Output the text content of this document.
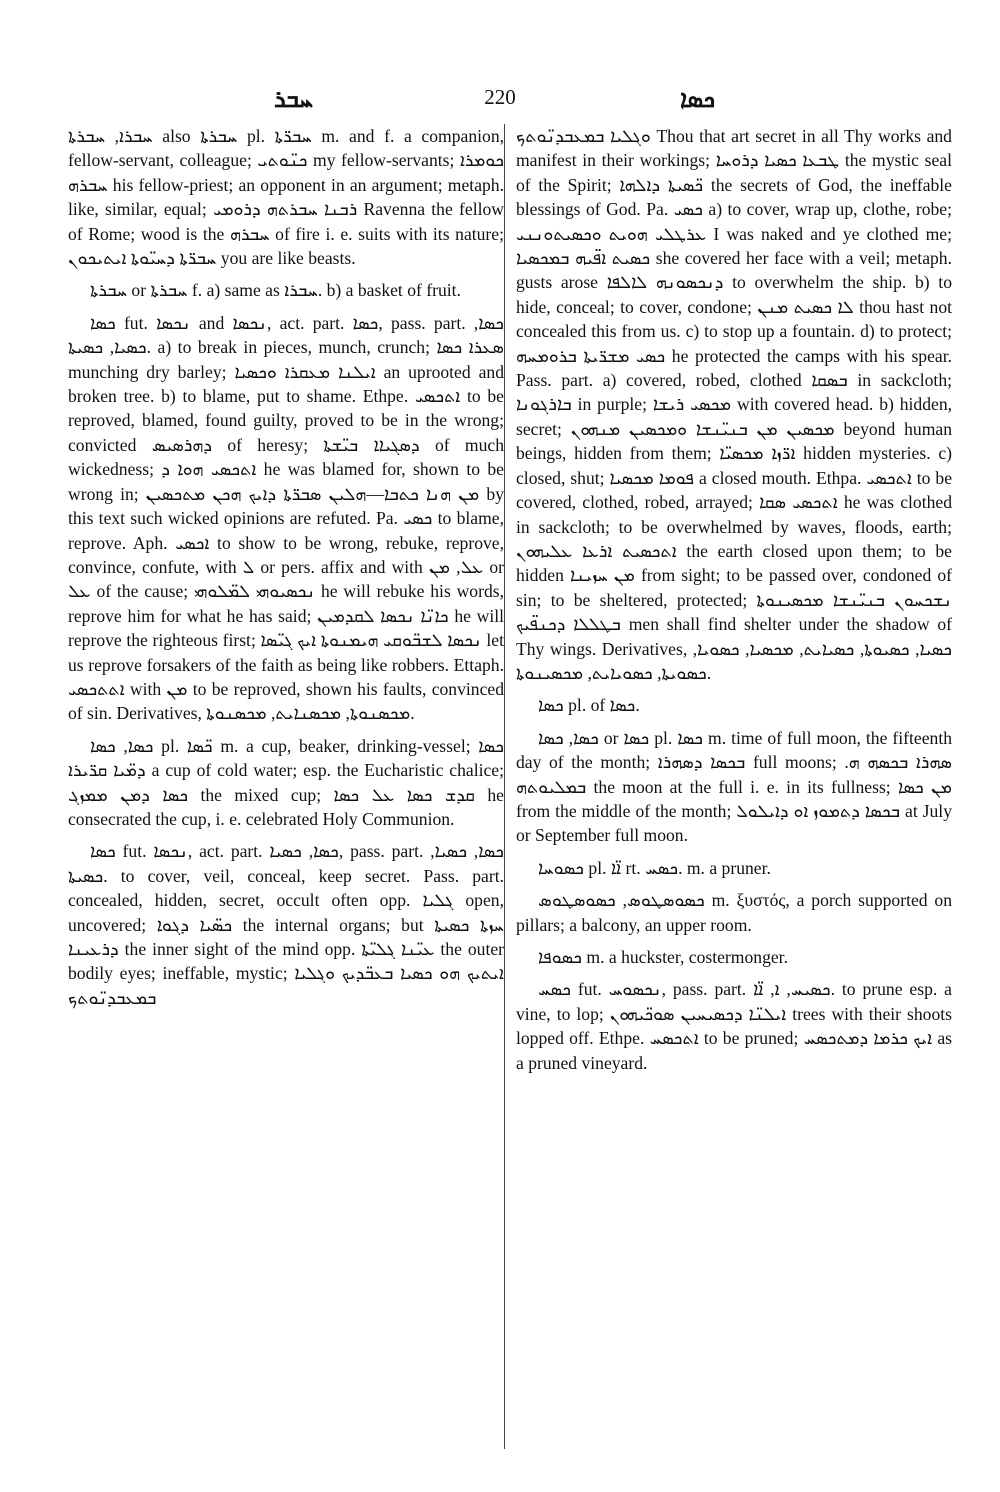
ܚܒܪ	220	ܟܣܐ

ܚܒܪܐ, ܚܒܪܬܐ also ܚܒܪܬܐ pl. ܚܒܪ̈ܬܐ m. and f. a companion, fellow-servant, colleague; ܟܢ̈ܘܬܝ my fellow-servants; ܟܘܡܪܐ ܚܒܪܗ his fellow-priest; an opponent in an argument; metaph. like, similar, equal; ܪܒܢܐ ܚܒܪܬܗ ܕܪܘܡܝ Ravenna the fellow of Rome; wood is the ܚܒܪܗ of fire i. e. suits with its nature; ܚܒܪ̈ܬܐ ܕܚܝ̈ܘܬܐ ܐܝܬܝܟܘܢ you are like beasts.

ܚܒܪܬܐ or ܚܒܪܬܐ f. a) same as ܚܒܪܐ. b) a basket of fruit.

ܟܣܐ fut. ܢܟܣܐ and ܢܟܣܐ, act. part. ܟܣܐ, pass. part. ܟܣܐ, ܟܣܝܐ, ܟܣܝܬܐ. a) to break in pieces, munch, crunch; ܣܥܪܐ ܟܣܐ munching dry barley; ܐܝܠܢܐ ܡܥܩܪܐ ܘܟܣܝܐ an uprooted and broken tree. b) to blame, put to shame. Ethpe. ܐܬܟܣܝ to be reproved, blamed, found guilty, proved to be in the wrong; convicted ܕܗܪܣܝܣ of heresy; ܕܣܓܝܐܐ ܒܝ̈ܫܬܐ of much wickedness; ܐܬܟܣܝ ܗܘܐ ܕ he was blamed for, shown to be wrong in; ܡܢ ܗܢܐ ܟܬܒܐ—ܗܠܝܢ ܣܒܪ̈ܬܐ ܕܐܝܟ ܗܟܢ ܡܬܟܣܝܢ by this text such wicked opinions are refuted. Pa. ܟܣܝ to blame, reprove. Aph. ܐܟܣܝ to show to be wrong, rebuke, reprove, convince, confute, with ܠ or pers. affix and with ܥܠ, ܡܢ or ܥܠ of the cause; ܢܟܣܝܘܗܝ ܠܡ̈ܠܘܗܝ he will rebuke his words, reprove him for what he has said; ܟܐܢ̈ܐ ܢܟܣܐ ܠܩܕܡܝܢ he will reprove the righteous first; ܢܟܣܐ ܠܫܒ̈ܘܩܝ ܗܝܡܢܘܬܐ ܐܝܟ ܓܝ̈ܣܐ let us reprove forsakers of the faith as being like robbers. Ettaph. ܐܬܬܟܣܝ with ܡܢ to be reproved, shown his faults, convinced of sin. Derivatives, ܡܟܣܢܘܬܐ, ܡܟܣܢܐܝܬ, ܡܟܣܢܘܬܐ.

ܟܣܐ, ܟܣܐ pl. ܟ̈ܣܐ m. a cup, beaker, drinking-vessel; ܟܣܐ ܕܡ̈ܝܐ ܩܪ̈ܝܪܐ a cup of cold water; esp. the Eucharistic chalice; ܟܣܐ ܕܡܢ ܡܡܙܓ the mixed cup; ܩܕܫ ܟܣܐ ܥܠ ܟܣܐ he consecrated the cup, i. e. celebrated Holy Communion.

ܟܣܐ fut. ܢܟܣܐ, act. part. ܟܣܐ, ܟܣܝܐ, pass. part. ܟܣܐ, ܟܣܝܐ, ܟܣܝܬܐ. to cover, veil, conceal, keep secret. Pass. part. concealed, hidden, secret, occult often opp. ܓܠܝܐ open, uncovered; ܟܣ̈ܝܐ ܕܓܘܐ the internal organs; but ܚܙܬܐ ܟܣܝܬܐ ܕܪܥܝܢܐ the inner sight of the mind opp. ܥܝ̈ܢܐ ܓܠܝ̈ܬܐ the outer bodily eyes; ineffable, mystic; ܐܝܬܝܟ ܗܘ ܟܣܝܐ ܒܥܒ̈ܕܝܟ ܘܓܠܝܐ ܒܡܥܒܕܢ̈ܘܬܟ

ܘܓܠܝܐ ܒܡܥܒܕܢ̈ܘܬܟ Thou that art secret in all Thy works and manifest in their workings; ܛܒܥܐ ܟܣܝܐ ܕܪܘܚܐ the mystic seal of the Spirit; ܟ̈ܣܝܬܐ ܕܐܠܗܐ the secrets of God, the ineffable blessings of God. Pa. ܟܣܝ a) to cover, wrap up, clothe, robe; ܥܪܛܠܝ ܗܘܝܬ ܘܟܣܝܬܘܢܢܝ I was naked and ye clothed me; ܟܣܝܬ ܐܦ̈ܝܗ ܒܡܟܣܝܐ she covered her face with a veil; metaph. gusts arose ܕܢܟܣܘܢܗ ܠܐܠܦܐ to overwhelm the ship. b) to hide, conceal; to cover, condone; ܠܐ ܟܣܝܬ ܡܢܢ thou hast not concealed this from us. c) to stop up a fountain. d) to protect; ܟܣܝ ܡܫܪ̈ܝܬܐ ܒܪܘܡܚܗ he protected the camps with his spear. Pass. part. a) covered, robed, clothed ܒܣܩܐ in sackcloth; ܒܐܪܓܘܢܐ in purple; ܡܟܣܝ ܪܝܫܐ with covered head. b) hidden, secret; ܡܟܣܝܢ ܡܢ ܒܢܝ̈ܢܫܐ ܘܡܟܣܝܢ ܡܢܗܘܢ beyond human beings, hidden from them; ܐܪ̈ܙܐ ܡܟܣܝ̈ܐ hidden mysteries. c) closed, shut; ܦܘܡܐ ܡܟܣܝܐ a closed mouth. Ethpa. ܐܬܟܣܝ to be covered, clothed, robed, arrayed; ܐܬܟܣܝ ܣܩܐ he was clothed in sackcloth; to be overwhelmed by waves, floods, earth; ܐܬܟܣܝܬ ܐܪܥܐ ܥܠܝܗܘܢ the earth closed upon them; to be hidden ܡܢ ܚܙܝܢܐ from sight; to be passed over, condoned of sin; to be sheltered, protected; ܢܫܟܚܘܢ ܒܢܝ̈ܢܫܐ ܡܟܣܝܢܘܬܐ ܒܛܠܠܐ ܕܟܢܦ̈ܝܟ men shall find shelter under the shadow of Thy wings. Derivatives, ܟܣܝܐ, ܟܣܝܘܬܐ, ܟܣܝܐܝܬ, ܡܟܣܝܐ, ܟܣܘܝܐ, ܟܣܘܝܬܐ, ܟܣܘܝܐܝܬ, ܡܟܣܝܢܘܬܐ.

ܟܣܐ pl. of ܟܣܐ.

ܟܣܐ, ܟܣܐ or ܟܣܐ pl. ܟܣܐ m. time of full moon, the fifteenth day of the month; ܒܟܣܐ ܕܣܗܪܐ full moons; ܣܗܪܐ ܒܟܣܗ ܗ. ܒܡܠܝܘܬܗ the moon at the full i. e. in its fullness; ܡܢ ܟܣܐ from the middle of the month; ܒܟܣܐ ܕܬܡܘܙ ܐܘ ܕܐܝܠܘܠ at July or September full moon.

ܟܣܘܚܐ pl. ܐ̈ܐ rt. ܟܣܚ. m. a pruner.

ܟܣܘܣܛܘܣ, ܟܣܘܣܛܘܣ m. ξυστός, a porch supported on pillars; a balcony, an upper room.

ܟܣܘܦܐ m. a huckster, costermonger.

ܟܣܚ fut. ܢܟܣܘܚ, pass. part. ܟܣܝܚ, ܐ, ܐ̈ܐ. to prune esp. a vine, to lop; ܐܝܠܢ̈ܐ ܕܟܣܝܚܝܢ ܣܘܟ̈ܝܗܘܢ trees with their shoots lopped off. Ethpe. ܐܬܟܣܚ to be pruned; ܐܝܟ ܟܪܡܐ ܕܡܬܟܣܚ as a pruned vineyard.
